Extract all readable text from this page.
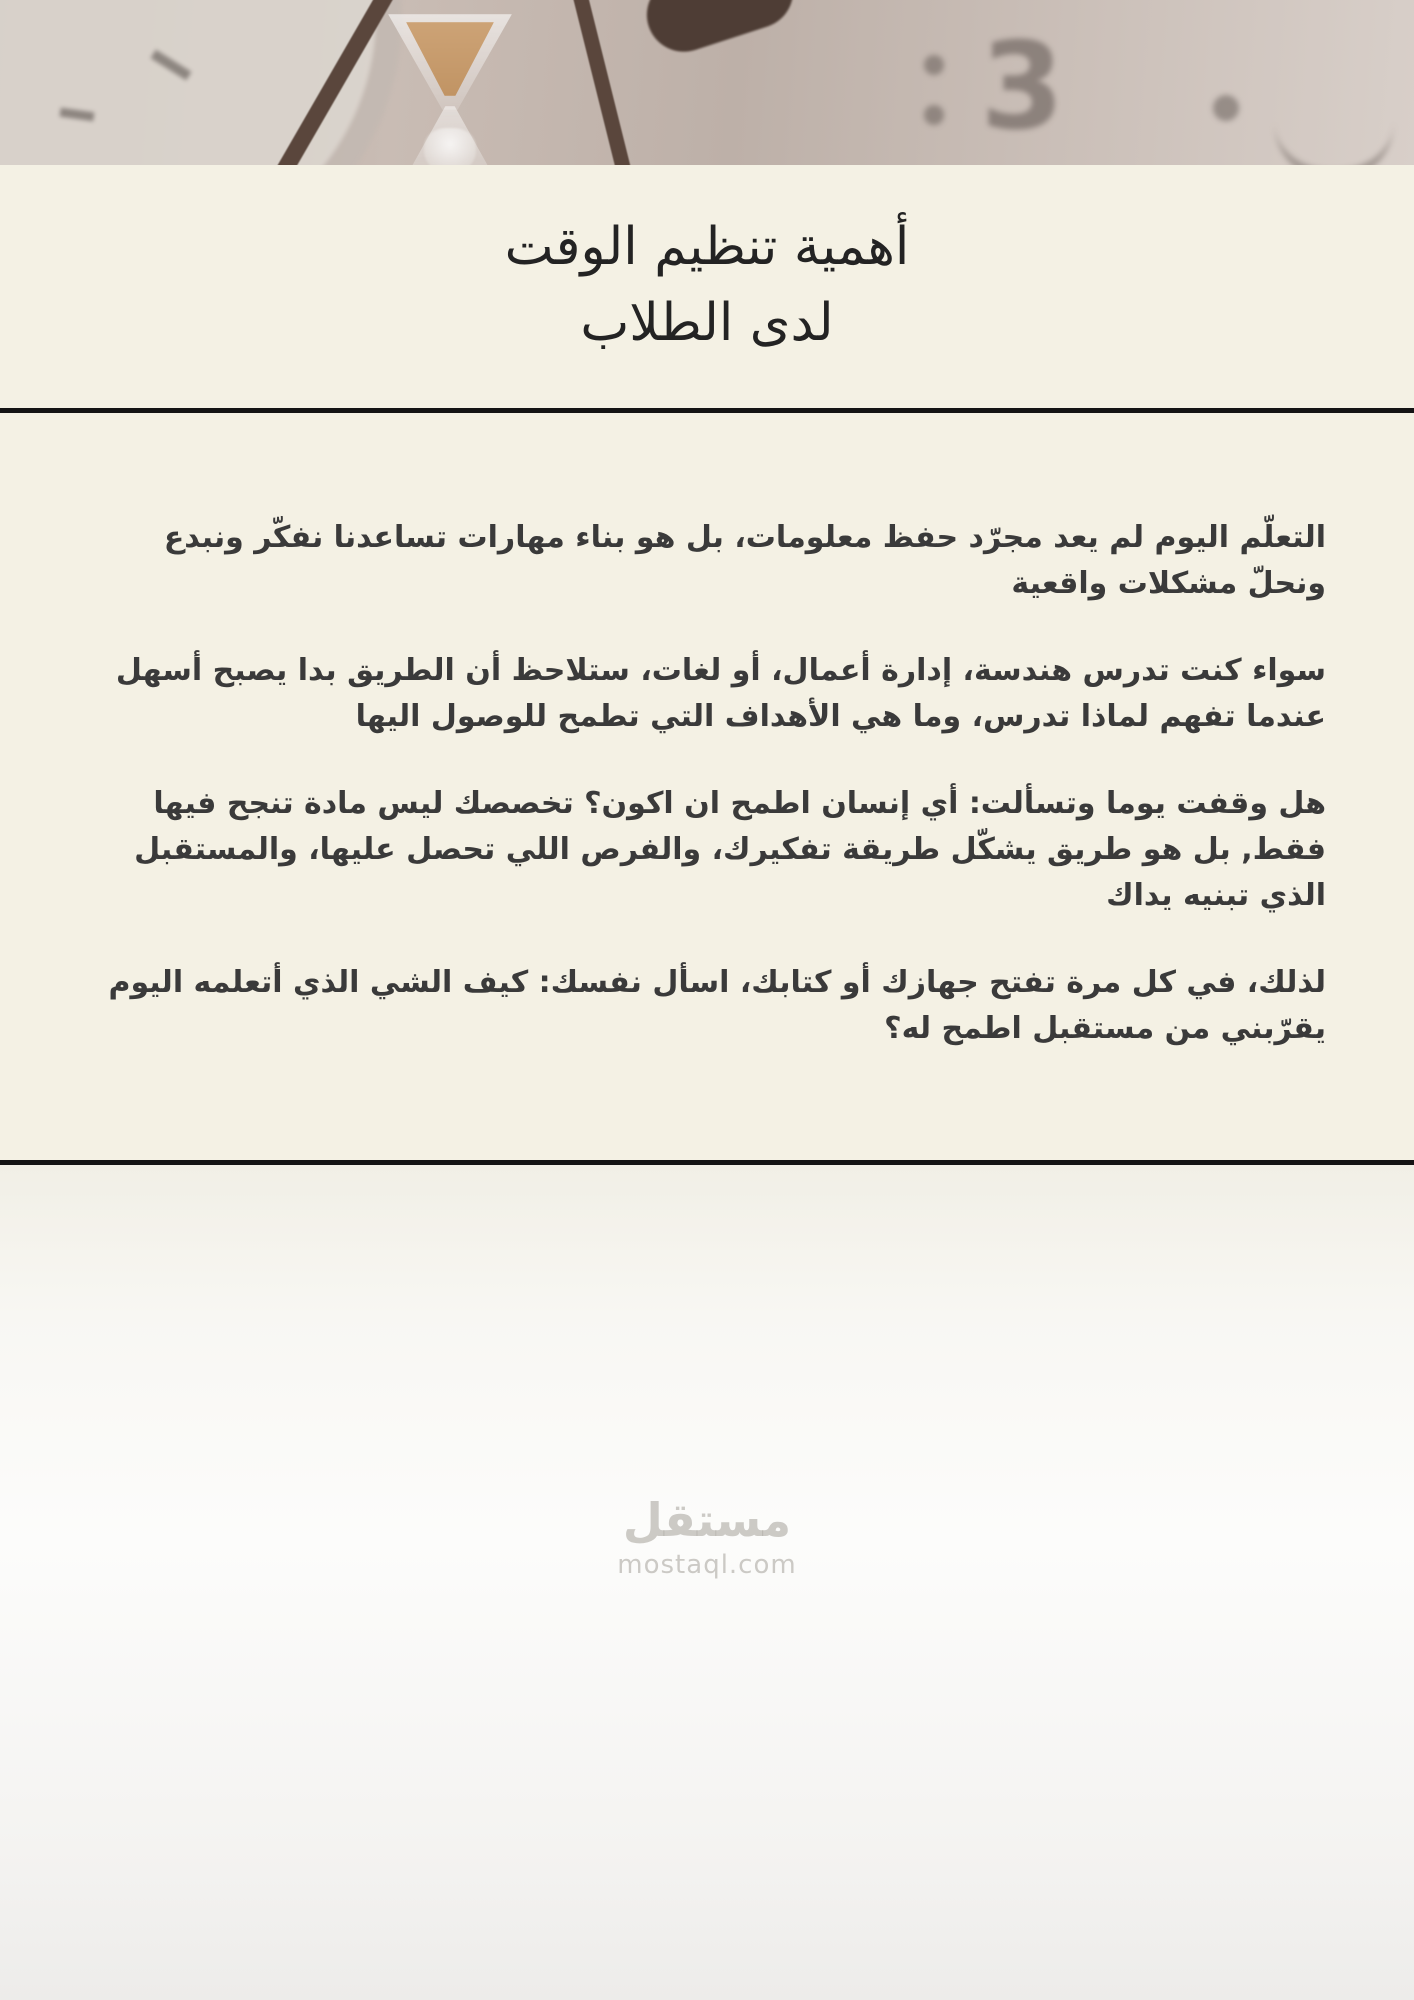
3
أهمية تنظيم الوقت
لدى الطلاب

التعلّم اليوم لم يعد مجرّد حفظ معلومات، بل هو بناء مهارات تساعدنا نفكّر ونبدع ونحلّ مشكلات واقعية

سواء كنت تدرس هندسة، إدارة أعمال، أو لغات، ستلاحظ أن الطريق بدا يصبح أسهل عندما تفهم لماذا تدرس، وما هي الأهداف التي تطمح للوصول اليها

هل وقفت يوما وتسألت: أي إنسان اطمح ان اكون؟ تخصصك ليس مادة تنجح فيها فقط, بل هو طريق يشكّل طريقة تفكيرك، والفرص اللي تحصل عليها، والمستقبل الذي تبنيه يداك

لذلك، في كل مرة تفتح جهازك أو كتابك، اسأل نفسك: كيف الشي الذي أتعلمه اليوم يقرّبني من مستقبل اطمح له؟

مستقل
mostaql.com
